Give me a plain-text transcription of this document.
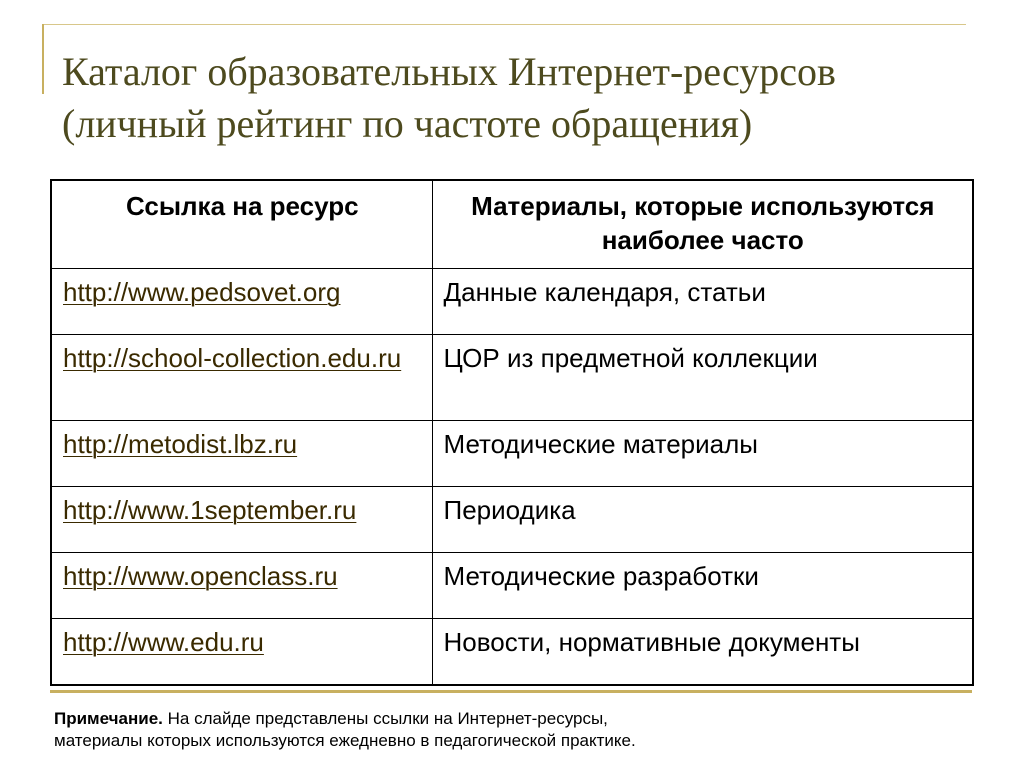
Каталог образовательных Интернет-ресурсов
(личный рейтинг по частоте обращения)
Ссылка на ресурс	Материалы, которые используются наиболее часто
http://www.pedsovet.org	Данные календаря, статьи
http://school-collection.edu.ru	ЦОР из предметной коллекции
http://metodist.lbz.ru	Методические материалы
http://www.1september.ru	Периодика
http://www.openclass.ru	Методические разработки
http://www.edu.ru	Новости, нормативные документы

Примечание. На слайде представлены ссылки на Интернет-ресурсы,
материалы которых используются ежедневно в педагогической практике.
